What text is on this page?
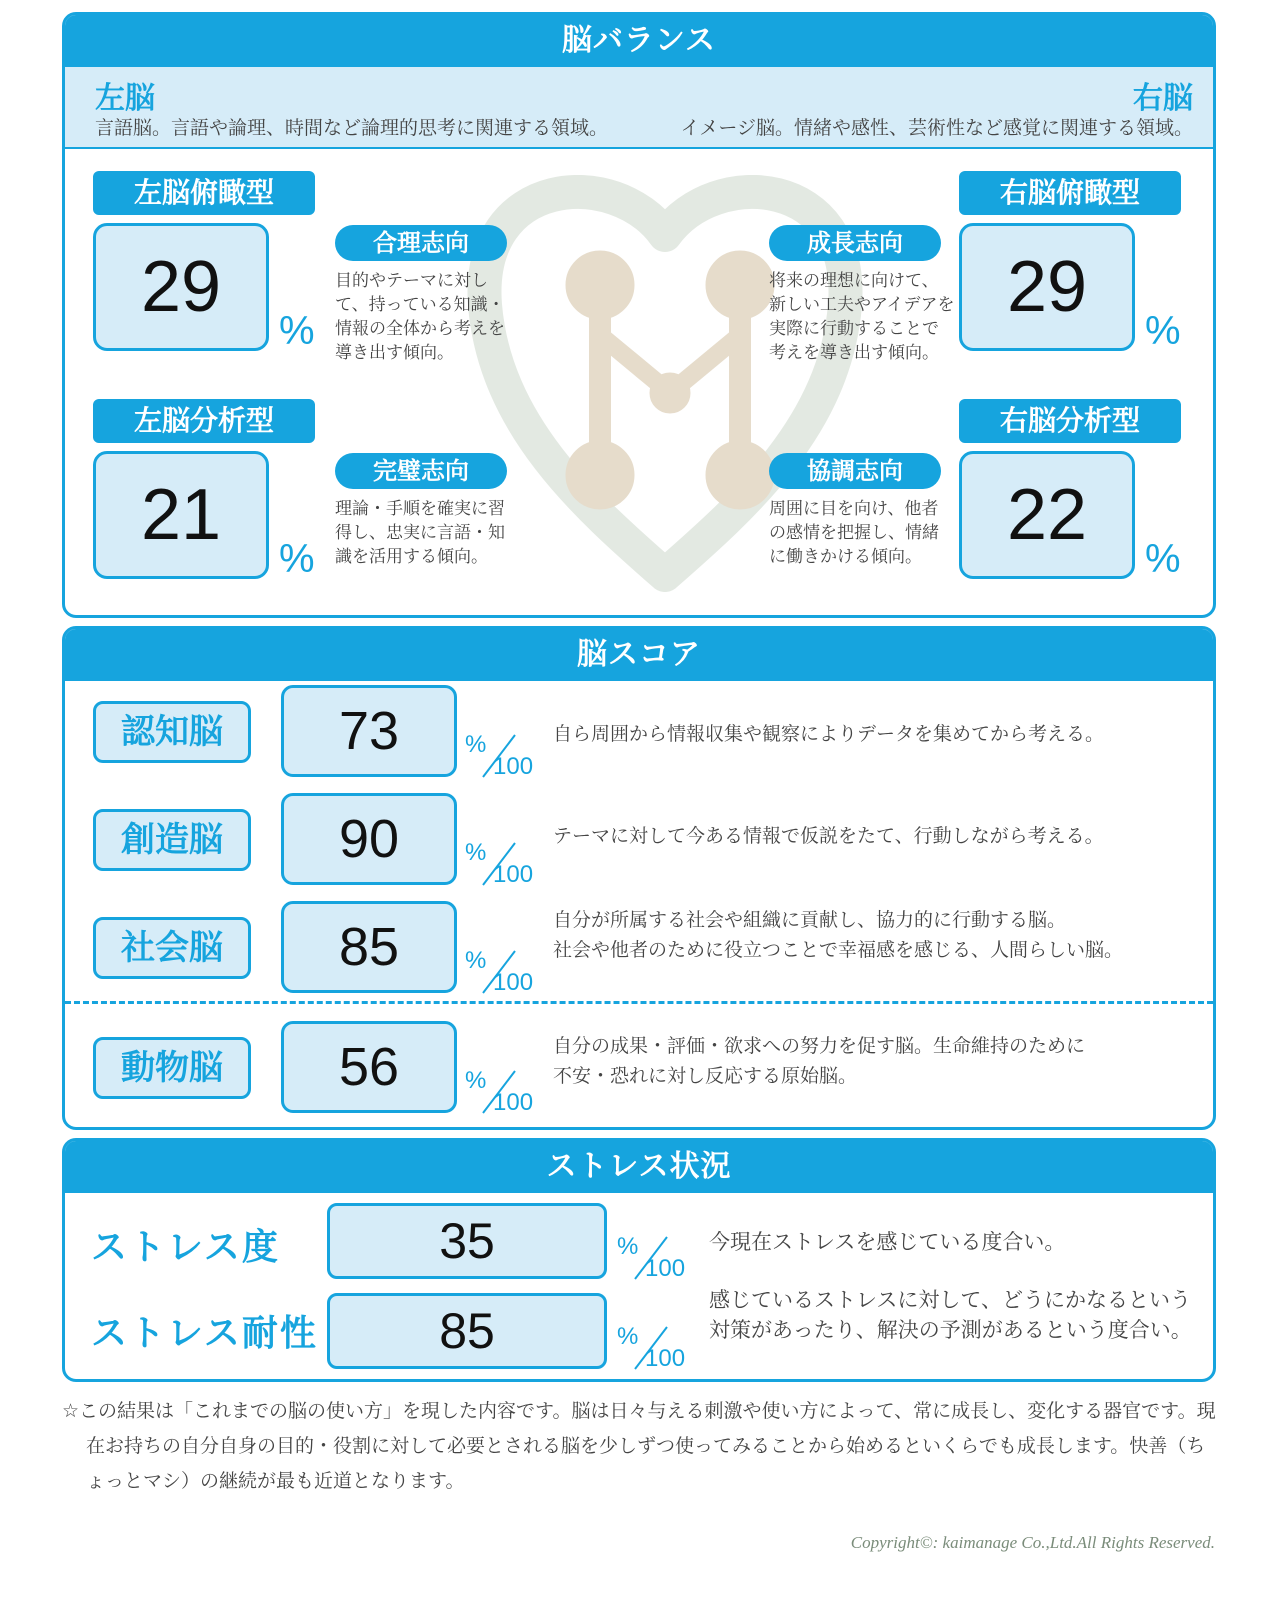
脳バランス
左脳
言語脳。言語や論理、時間など論理的思考に関連する領域。
右脳
イメージ脳。情緒や感性、芸術性など感覚に関連する領域。
左脳俯瞰型
29
%
合理志向
目的やテーマに対して、持っている知識・情報の全体から考えを導き出す傾向。
左脳分析型
21
%
完璧志向
理論・手順を確実に習得し、忠実に言語・知識を活用する傾向。
右脳俯瞰型
成長志向
将来の理想に向けて、新しい工夫やアイデアを実際に行動することで考えを導き出す傾向。
29
%
右脳分析型
協調志向
周囲に目を向け、他者の感情を把握し、情緒に働きかける傾向。
22
%
脳スコア
認知脳	73	%
100
自ら周囲から情報収集や観察によりデータを集めてから考える。
創造脳	90	%
100
テーマに対して今ある情報で仮説をたて、行動しながら考える。
社会脳	85	%
100
自分が所属する社会や組織に貢献し、協力的に行動する脳。
社会や他者のために役立つことで幸福感を感じる、人間らしい脳。
動物脳	56	%
100
自分の成果・評価・欲求への努力を促す脳。生命維持のために
不安・恐れに対し反応する原始脳。
ストレス状況
ストレス度	35	%
100
今現在ストレスを感じている度合い。
ストレス耐性	85	%
100
感じているストレスに対して、どうにかなるという対策があったり、解決の予測があるという度合い。

☆この結果は「これまでの脳の使い方」を現した内容です。脳は日々与える刺激や使い方によって、常に成長し、変化する器官です。現在お持ちの自分自身の目的・役割に対して必要とされる脳を少しずつ使ってみることから始めるといくらでも成長します。快善（ちょっとマシ）の継続が最も近道となります。

Copyright©: kaimanage Co.,Ltd.All Rights Reserved.
